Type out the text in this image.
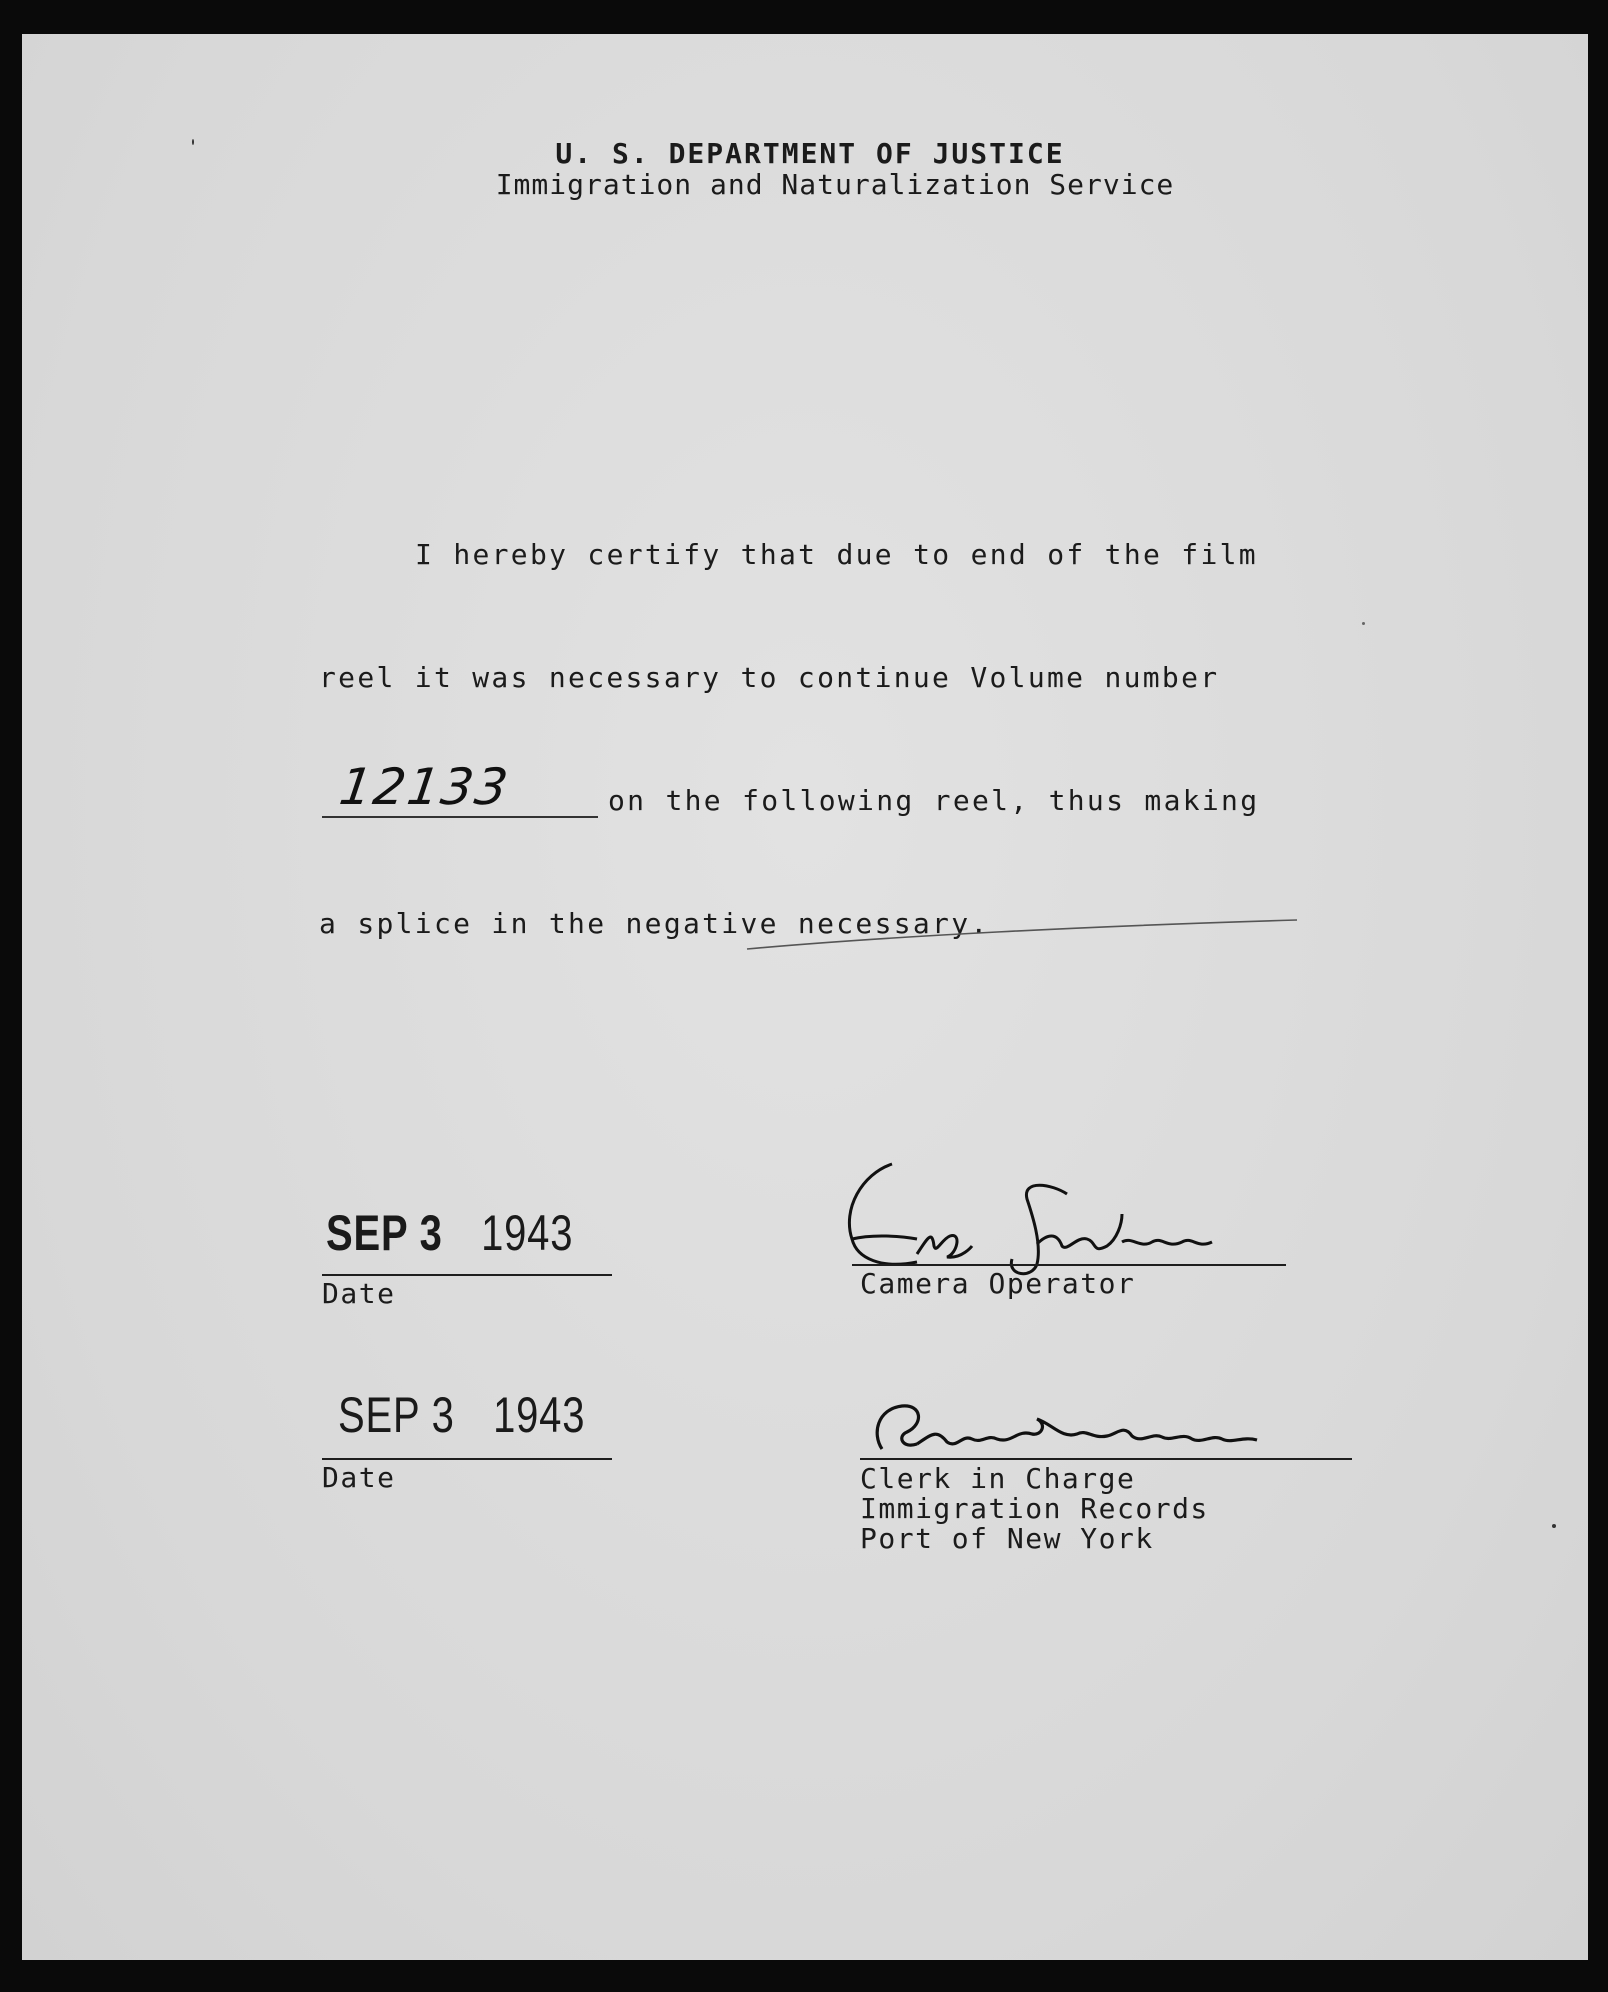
U. S. DEPARTMENT OF JUSTICE
Immigration and Naturalization Service
I hereby certify that due to end of the film
reel it was necessary to continue Volume number
12133	on the following reel, thus making
a splice in the negative necessary.
SEP 3 1943
Date	Camera Operator
SEP 3 1943
Date	Clerk in Charge
Immigration Records
Port of New York
